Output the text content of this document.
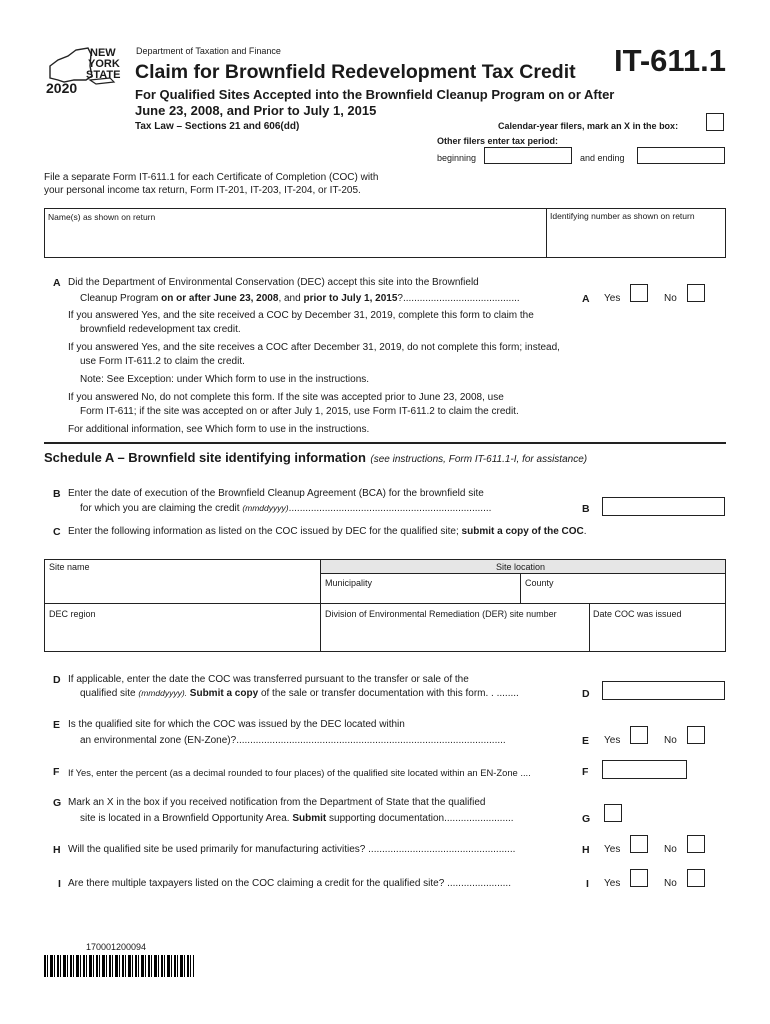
NEW
YORK
STATE
2020
Department of Taxation and Finance
Claim for Brownfield Redevelopment Tax Credit IT-611.1
For Qualified Sites Accepted into the Brownfield Cleanup Program on or After
June 23, 2008, and Prior to July 1, 2015
Tax Law – Sections 21 and 606(dd)	Calendar-year filers, mark an X in the box:
Other filers enter tax period:
beginning	and ending
File a separate Form IT-611.1 for each Certificate of Completion (COC) with
your personal income tax return, Form IT-201, IT-203, IT-204, or IT-205.
Name(s) as shown on return	Identifying number as shown on return
A Did the Department of Environmental Conservation (DEC) accept this site into the Brownfield
Cleanup Program on or after June 23, 2008, and prior to July 1, 2015?..........................................	A Yes	No
If you answered Yes, and the site received a COC by December 31, 2019, complete this form to claim the
brownfield redevelopment tax credit.
If you answered Yes, and the site receives a COC after December 31, 2019, do not complete this form; instead,
use Form IT-611.2 to claim the credit.
Note: See Exception: under Which form to use in the instructions.
If you answered No, do not complete this form. If the site was accepted prior to June 23, 2008, use
Form IT-611; if the site was accepted on or after July 1, 2015, use Form IT-611.2 to claim the credit.
For additional information, see Which form to use in the instructions.
Schedule A – Brownfield site identifying information (see instructions, Form IT-611.1-I, for assistance)
B Enter the date of execution of the Brownfield Cleanup Agreement (BCA) for the brownfield site
for which you are claiming the credit (mmddyyyy).........................................................................	B
C Enter the following information as listed on the COC issued by DEC for the qualified site; submit a copy of the COC.
Site name	Site location
Municipality	County
DEC region	Division of Environmental Remediation (DER) site number	Date COC was issued
D If applicable, enter the date the COC was transferred pursuant to the transfer or sale of the
qualified site (mmddyyyy). Submit a copy of the sale or transfer documentation with this form. . ........	D
E Is the qualified site for which the COC was issued by the DEC located within
an environmental zone (EN-Zone)?.................................................................................................	E Yes	No
F If Yes, enter the percent (as a decimal rounded to four places) of the qualified site located within an EN-Zone ....	F
G Mark an X in the box if you received notification from the Department of State that the qualified
site is located in a Brownfield Opportunity Area. Submit supporting documentation.........................	G
H Will the qualified site be used primarily for manufacturing activities? .....................................................	H Yes	No
I Are there multiple taxpayers listed on the COC claiming a credit for the qualified site? .......................	I Yes	No
170001200094
